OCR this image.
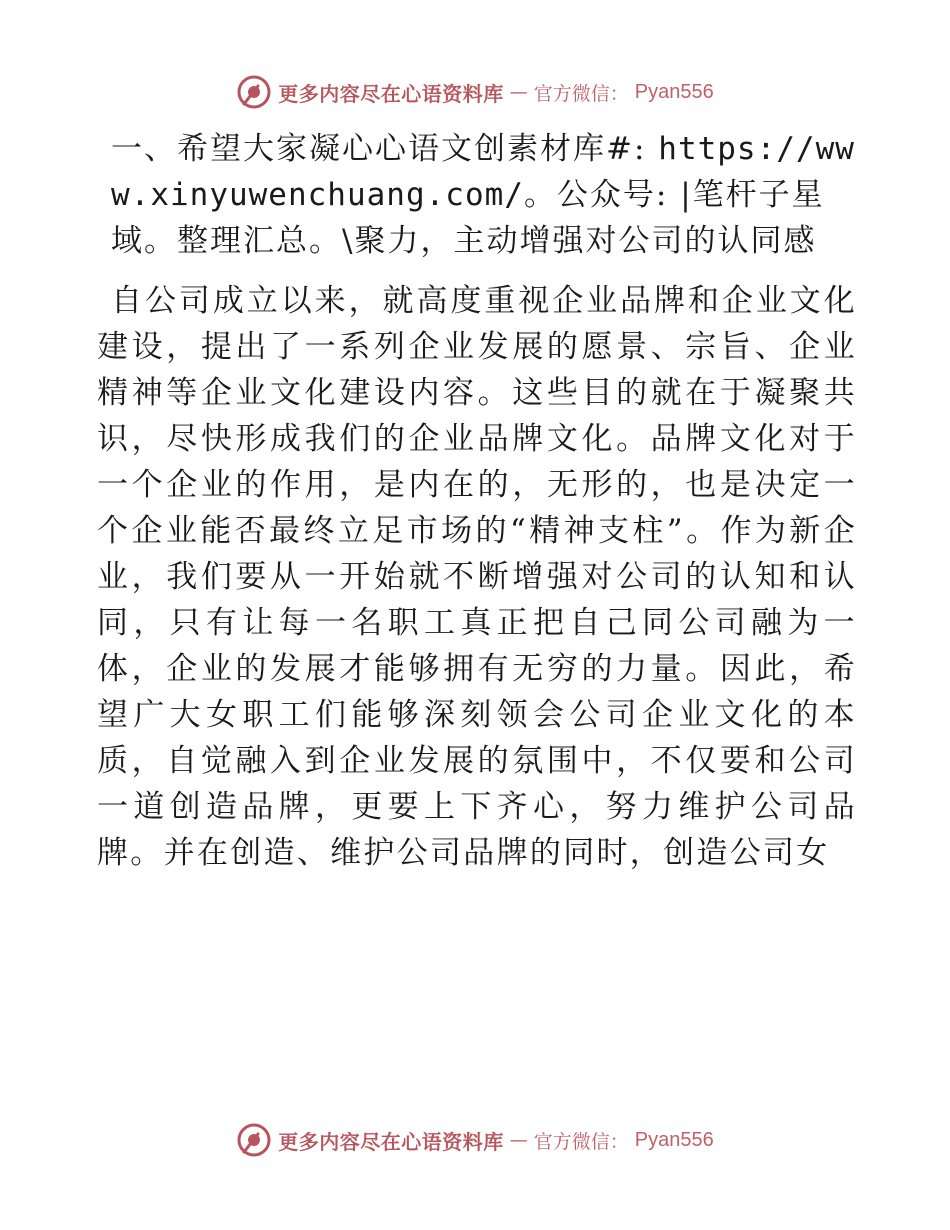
更多内容尽在心语资料库 — 官方微信： Pyan556

一、希望大家凝心心语文创素材库#: https://www.xinyuwenchuang.com/。公众号: |笔杆子星域。整理汇总。\聚力，主动增强对公司的认同感

自公司成立以来，就高度重视企业品牌和企业文化建设，提出了一系列企业发展的愿景、宗旨、企业精神等企业文化建设内容。这些目的就在于凝聚共识，尽快形成我们的企业品牌文化。品牌文化对于一个企业的作用，是内在的，无形的，也是决定一个企业能否最终立足市场的“精神支柱”。作为新企业，我们要从一开始就不断增强对公司的认知和认同，只有让每一名职工真正把自己同公司融为一体，企业的发展才能够拥有无穷的力量。因此，希望广大女职工们能够深刻领会公司企业文化的本质，自觉融入到企业发展的氛围中，不仅要和公司一道创造品牌，更要上下齐心，努力维护公司品牌。并在创造、维护公司品牌的同时，创造公司女

更多内容尽在心语资料库 — 官方微信： Pyan556
